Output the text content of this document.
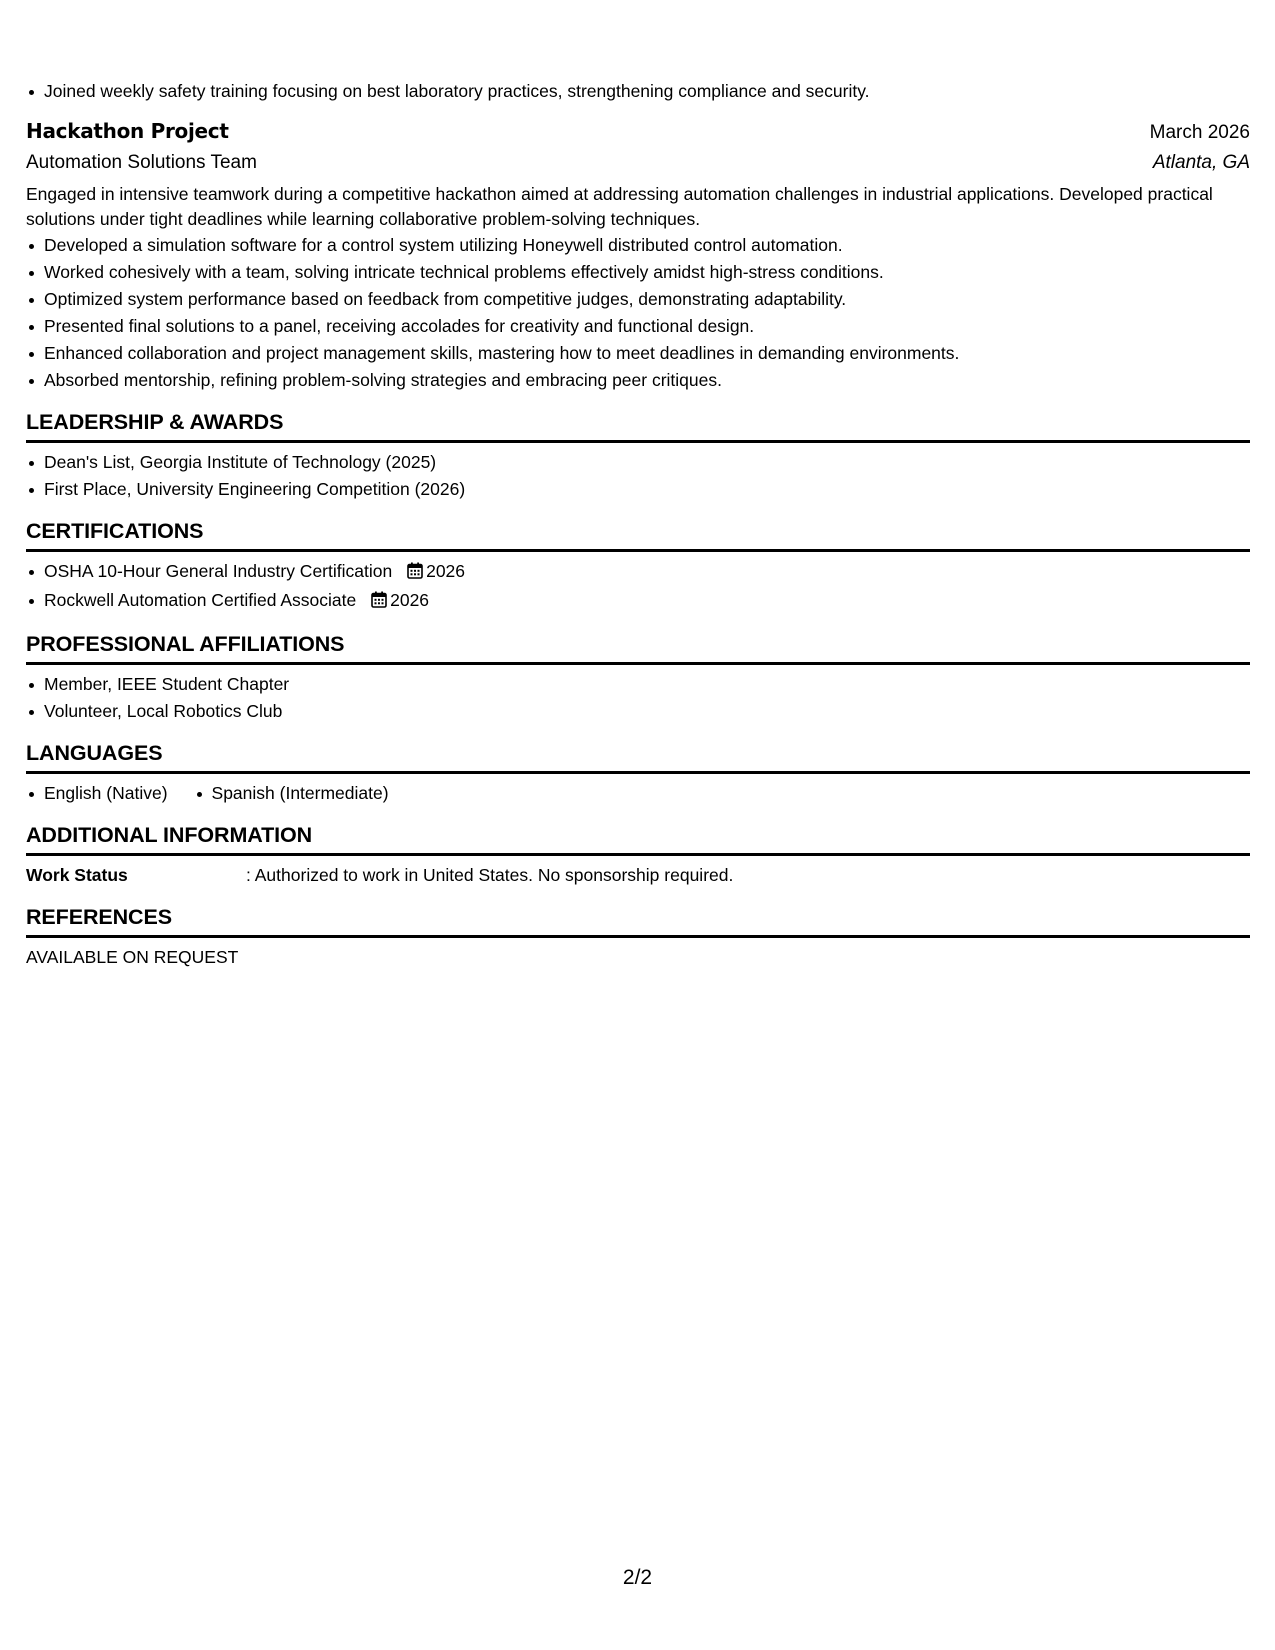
Joined weekly safety training focusing on best laboratory practices, strengthening compliance and security.
Hackathon Project	March 2026
Automation Solutions Team	Atlanta, GA
Engaged in intensive teamwork during a competitive hackathon aimed at addressing automation challenges in industrial applications. Developed practical solutions under tight deadlines while learning collaborative problem-solving techniques.
Developed a simulation software for a control system utilizing Honeywell distributed control automation.
Worked cohesively with a team, solving intricate technical problems effectively amidst high-stress conditions.
Optimized system performance based on feedback from competitive judges, demonstrating adaptability.
Presented final solutions to a panel, receiving accolades for creativity and functional design.
Enhanced collaboration and project management skills, mastering how to meet deadlines in demanding environments.
Absorbed mentorship, refining problem-solving strategies and embracing peer critiques.
LEADERSHIP & AWARDS
Dean's List, Georgia Institute of Technology (2025)
First Place, University Engineering Competition (2026)
CERTIFICATIONS
OSHA 10-Hour General Industry Certification 2026
Rockwell Automation Certified Associate 2026
PROFESSIONAL AFFILIATIONS
Member, IEEE Student Chapter
Volunteer, Local Robotics Club
LANGUAGES
English (Native)	Spanish (Intermediate)
ADDITIONAL INFORMATION
Work Status	: Authorized to work in United States. No sponsorship required.
REFERENCES
AVAILABLE ON REQUEST
2/2
